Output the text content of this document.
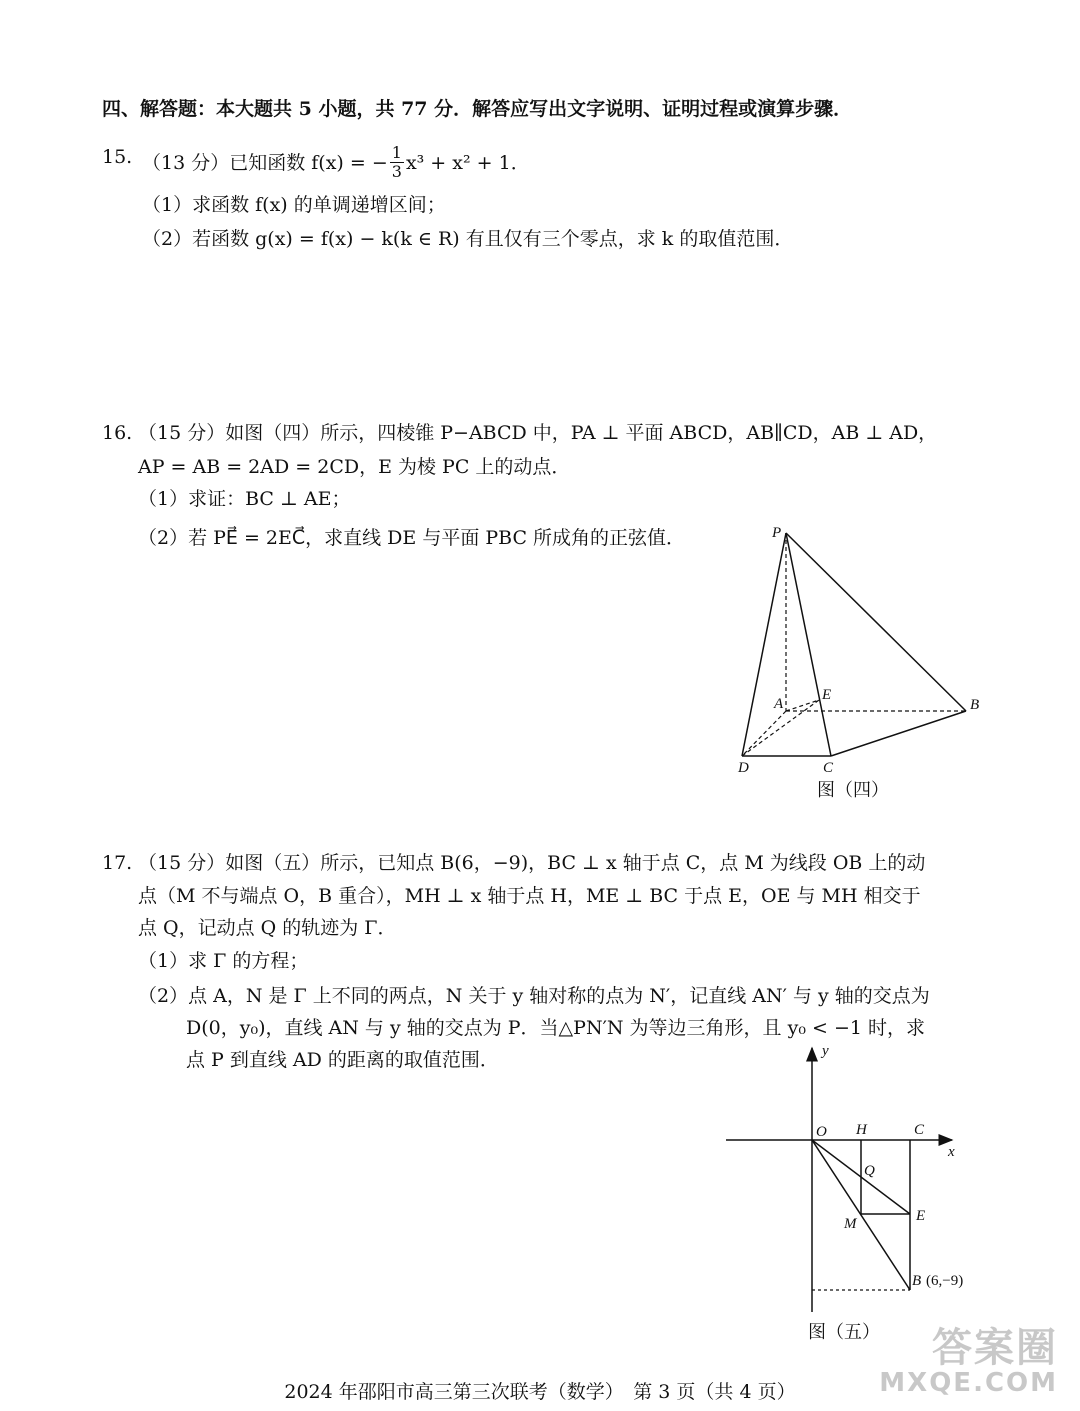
四、解答题：本大题共 5 小题，共 77 分．解答应写出文字说明、证明过程或演算步骤．
15. （13 分）已知函数 f(x) = − $\frac{1}{3} x^3 + x^2 + 1$．
（1）求函数 f(x) 的单调递增区间；
（2）若函数 g(x) = f(x) − k(k ∈ R) 有且仅有三个零点，求 k 的取值范围．
16. （15 分）如图（四）所示，四棱锥 P−ABCD 中，PA ⊥ 平面 ABCD，AB∥CD，AB ⊥ AD，
AP = AB = 2AD = 2CD，E 为棱 PC 上的动点．
（1）求证：BC ⊥ AE；
（2）若 PE⃗ = 2EC⃗，求直线 DE 与平面 PBC 所成角的正弦值．	P
A
E
B
D	C
图（四）
17. （15 分）如图（五）所示，已知点 B(6，−9)，BC ⊥ x 轴于点 C，点 M 为线段 OB 上的动
点（M 不与端点 O，B 重合），MH ⊥ x 轴于点 H，ME ⊥ BC 于点 E，OE 与 MH 相交于
点 Q，记动点 Q 的轨迹为 Γ．
（1）求 Γ 的方程；
（2）点 A，N 是 Γ 上不同的两点，N 关于 y 轴对称的点为 N′，记直线 AN′ 与 y 轴的交点为
D(0，y₀)，直线 AN 与 y 轴的交点为 P．当△PN′N 为等边三角形，且 y₀ < −1 时，求
点 P 到直线 AD 的距离的取值范围．	y
x
O H	C
Q
M	E
B (6,−9)
图（五）
2024 年邵阳市高三第三次联考（数学）　第 3 页（共 4 页）
答案圈
MXQE.COM
